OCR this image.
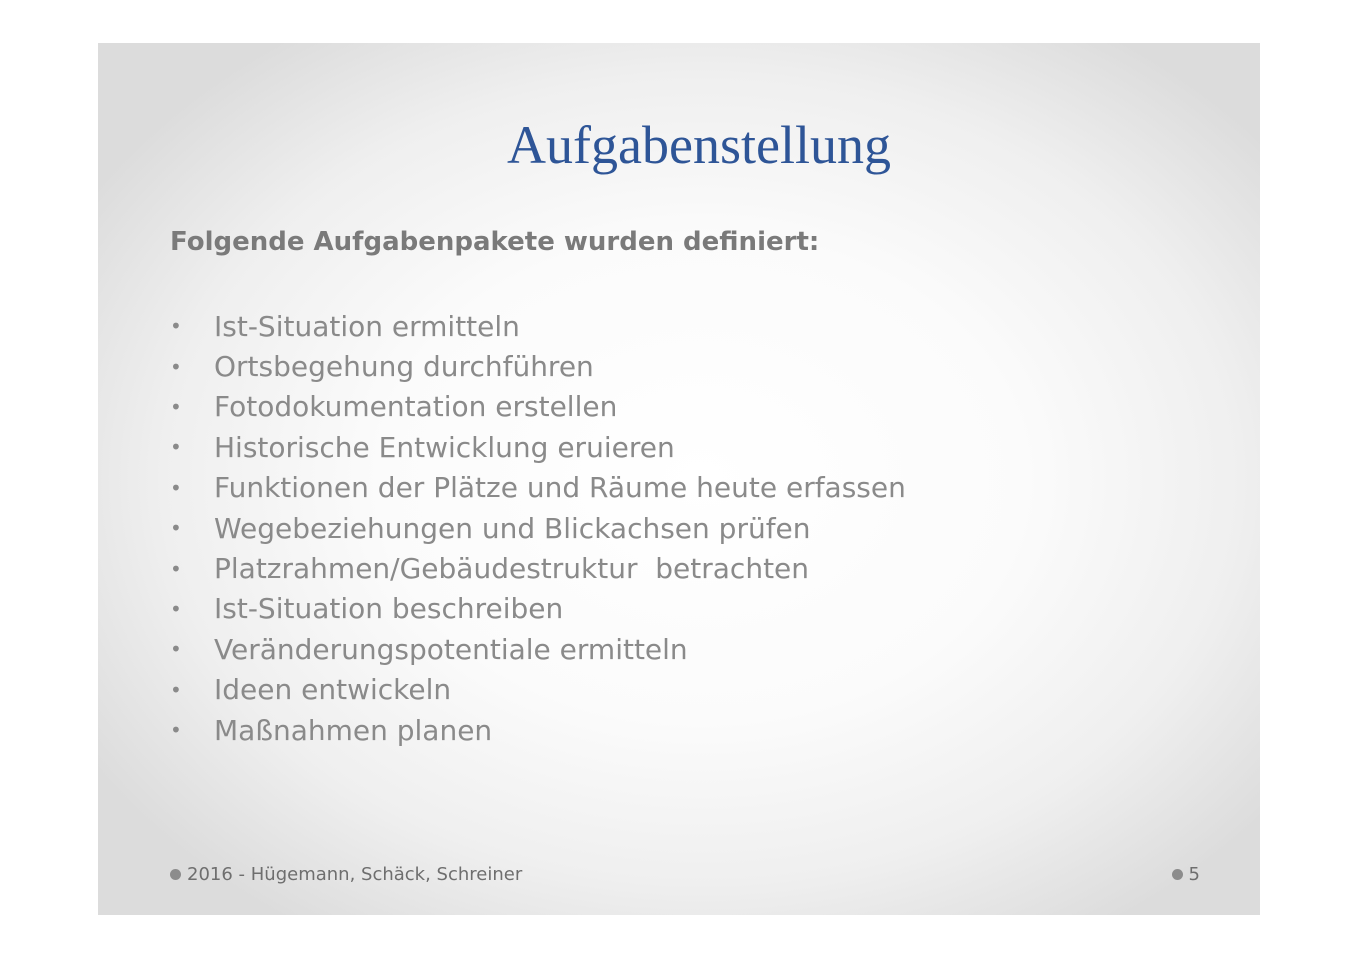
Aufgabenstellung
Folgende Aufgabenpakete wurden definiert:
•	Ist-Situation ermitteln
•	Ortsbegehung durchführen
•	Fotodokumentation erstellen
•	Historische Entwicklung eruieren
•	Funktionen der Plätze und Räume heute erfassen
•	Wegebeziehungen und Blickachsen prüfen
•	Platzrahmen/Gebäudestruktur  betrachten
•	Ist-Situation beschreiben
•	Veränderungspotentiale ermitteln
•	Ideen entwickeln
•	Maßnahmen planen
2016 - Hügemann, Schäck, Schreiner	5
